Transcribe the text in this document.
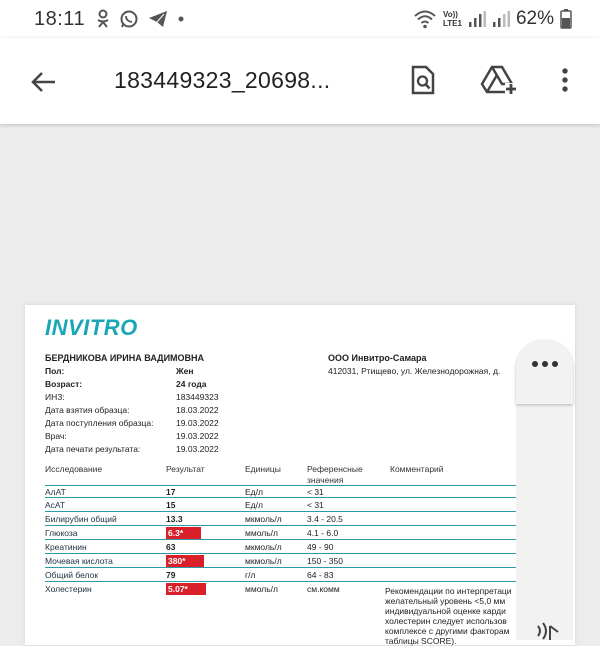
18:11	Vo))
LTE1	62%
183449323_20698...
INVITRO
БЕРДНИКОВА ИРИНА ВАДИМОВНА	ООО Инвитро-Самара
412031, Ртищево, ул. Железнодорожная, д.
Пол:	Жен
Возраст:	24 года
ИНЗ:	183449323
Дата взятия образца:	18.03.2022
Дата поступления образца:	19.03.2022
Врач:	19.03.2022
Дата печати результата:	19.03.2022
Исследование	Результат	Единицы	Референсные
значения
Комментарий
АлАТ	17	Ед/л	< 31
АсАТ	15	Ед/л	< 31
Билирубин общий	13.3	мкмоль/л	3.4 - 20.5
Глюкоза	6.3*	ммоль/л	4.1 - 6.0
Креатинин	63	мкмоль/л	49 - 90
Мочевая кислота	380*	мкмоль/л	150 - 350
Общий белок	79	г/л	64 - 83
Холестерин	5.07*	ммоль/л	см.комм	Рекомендации по интерпретаци
желательный уровень <5,0 мм
индивидуальной оценке карди
холестерин следует использов
комплексе с другими факторам
таблицы SCORE).
